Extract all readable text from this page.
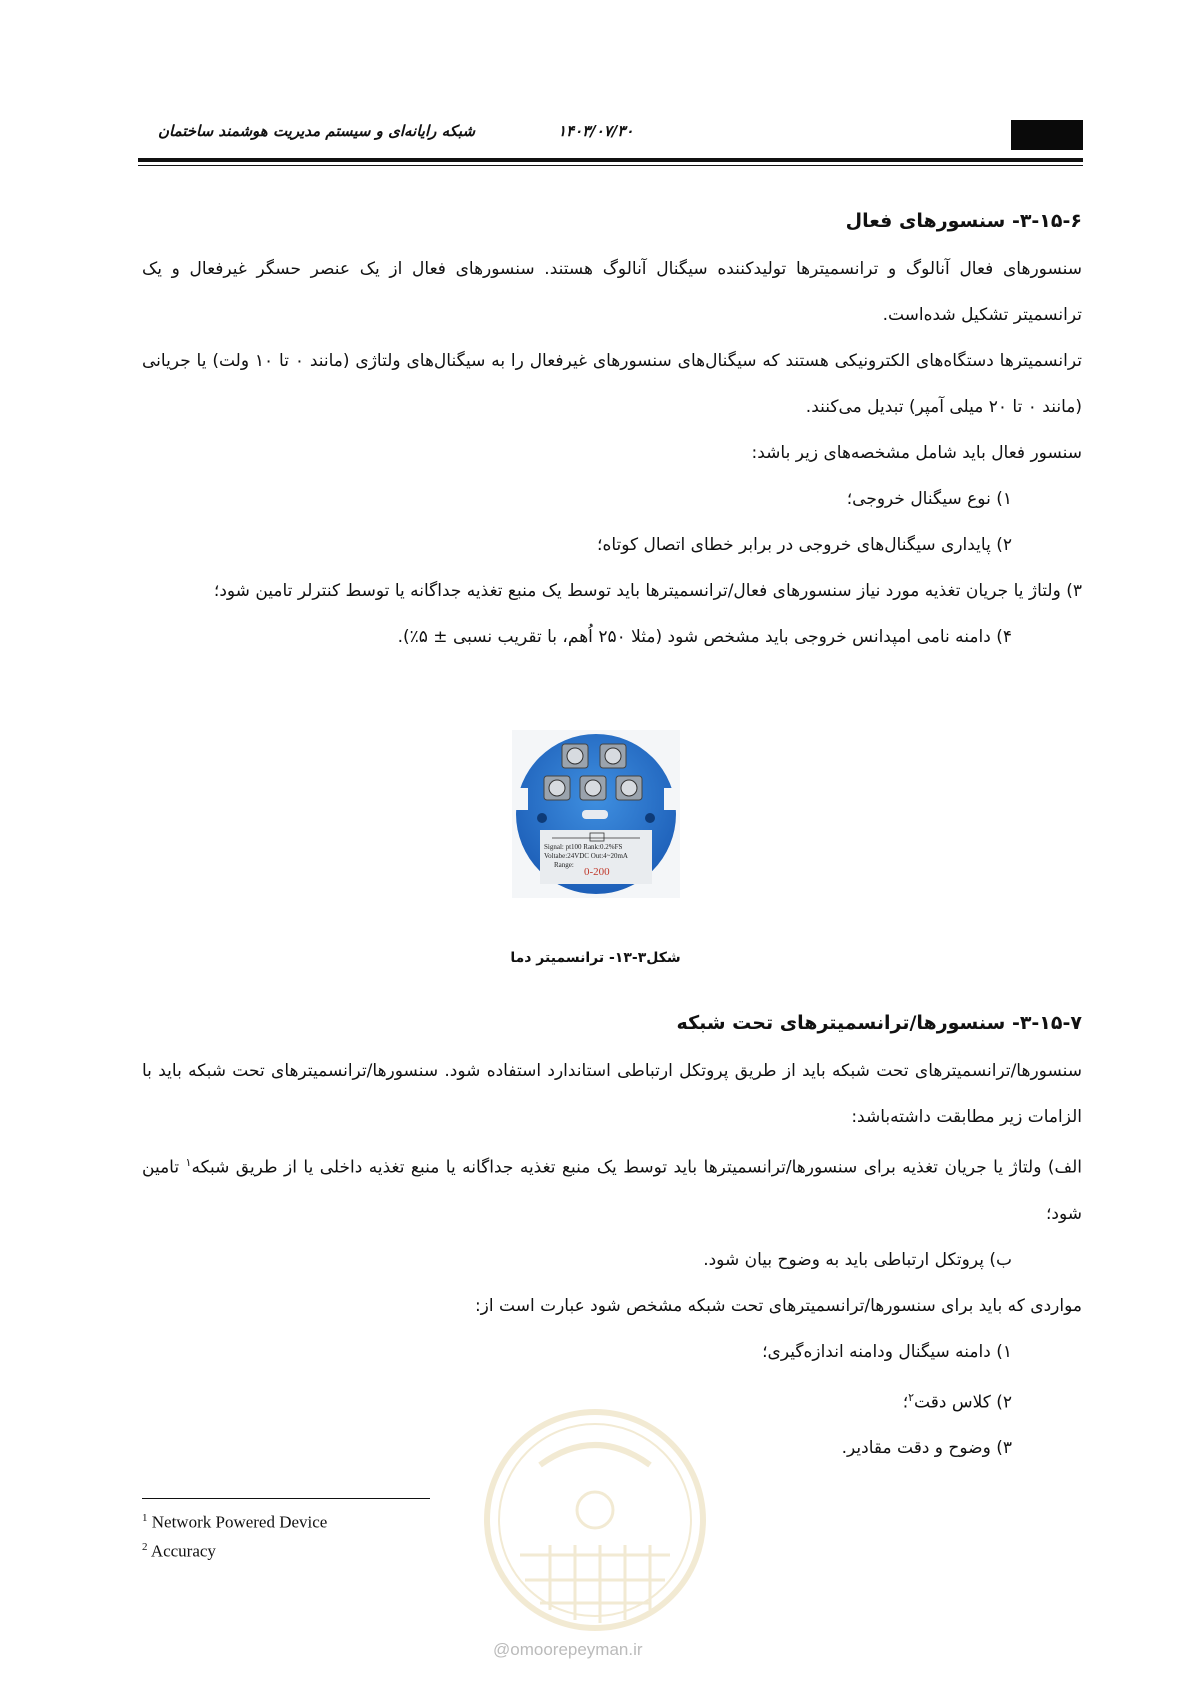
۱۴۰۳/۰۷/۳۰
شبکه رایانه‌ای و سیستم مدیریت هوشمند ساختمان
۳-۱۵-۶- سنسورهای فعال

سنسورهای فعال آنالوگ و ترانسمیترها تولیدکننده سیگنال آنالوگ هستند. سنسورهای فعال از یک عنصر حسگر غیرفعال و یک ترانسمیتر تشکیل شده‌است.

ترانسمیترها دستگاه‌های الکترونیکی هستند که سیگنال‌های سنسورهای غیرفعال را به سیگنال‌های ولتاژی (مانند ۰ تا ۱۰ ولت) یا جریانی (مانند ۰ تا ۲۰ میلی آمپر) تبدیل می‌کنند.

سنسور فعال باید شامل مشخصه‌های زیر باشد:

۱) نوع سیگنال خروجی؛

۲) پایداری سیگنال‌های خروجی در برابر خطای اتصال کوتاه؛

۳) ولتاژ یا جریان تغذیه مورد نیاز سنسورهای فعال/ترانسمیترها باید توسط یک منبع تغذیه جداگانه یا توسط کنترلر تامین شود؛

۴) دامنه نامی امپدانس خروجی باید مشخص شود (مثلا ۲۵۰ اُهم، با تقریب نسبی ± ۵٪).

Signal: pt100 Rank:0.2%FS
Voltabe:24VDC Out:4~20mA
Range:
0-200
شکل۳-۱۳- ترانسمیتر دما
۳-۱۵-۷- سنسورها/ترانسمیترهای تحت شبکه

سنسورها/ترانسمیترهای تحت شبکه باید از طریق پروتکل ارتباطی استاندارد استفاده شود. سنسورها/ترانسمیترهای تحت شبکه باید با الزامات زیر مطابقت داشته‌باشد:

الف) ولتاژ یا جریان تغذیه برای سنسورها/ترانسمیترها باید توسط یک منبع تغذیه جداگانه یا منبع تغذیه داخلی یا از طریق شبکه$^۱$ تامین شود؛

ب) پروتکل ارتباطی باید به وضوح بیان شود.

مواردی که باید برای سنسورها/ترانسمیترهای تحت شبکه مشخص شود عبارت است از:

۱) دامنه سیگنال ودامنه اندازه‌گیری؛

۲) کلاس دقت$^۲$؛

۳) وضوح و دقت مقادیر.

$^1$ Network Powered Device
$^2$ Accuracy
@omoorepeyman.ir
